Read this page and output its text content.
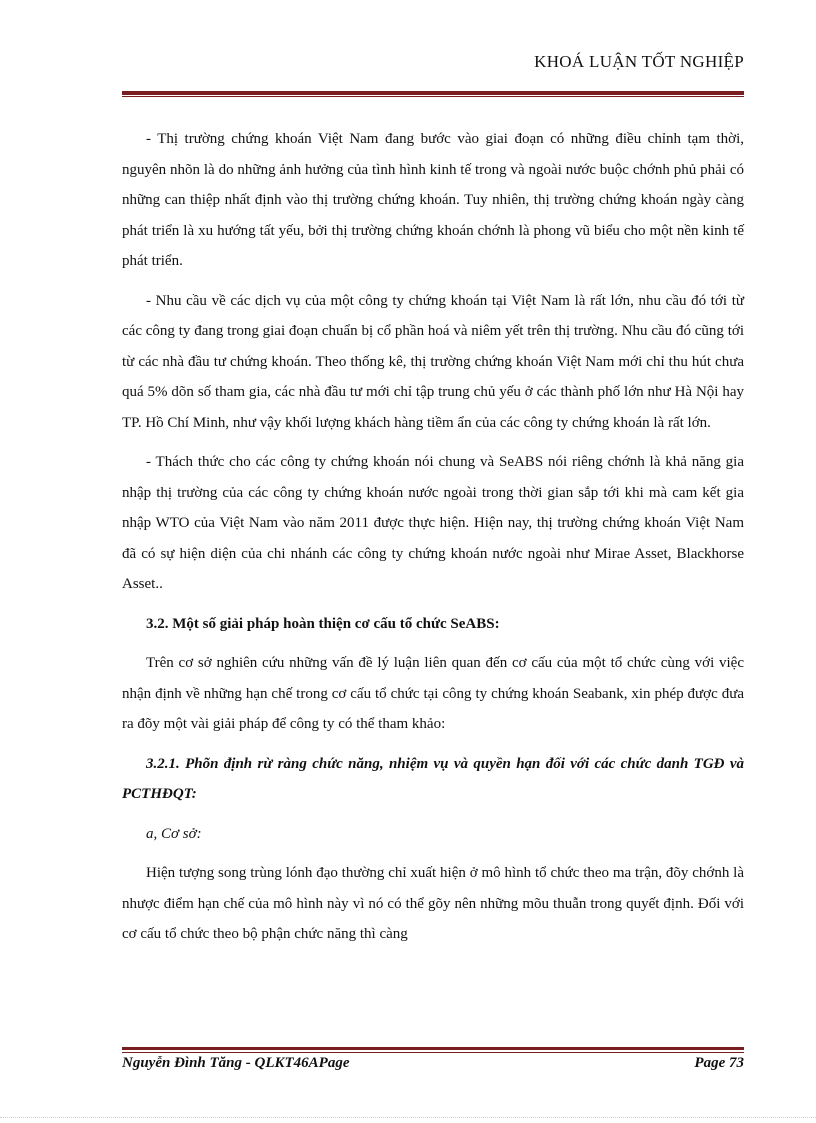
KHOÁ LUẬN TỐT NGHIỆP

- Thị trường chứng khoán Việt Nam đang bước vào giai đoạn có những điều chỉnh tạm thời, nguyên nhõn là do những ảnh hưởng của tình hình kinh tế trong và ngoài nước buộc chớnh phủ phải có những can thiệp nhất định vào thị trường chứng khoán. Tuy nhiên, thị trường chứng khoán ngày càng phát triển là xu hướng tất yếu, bởi thị trường chứng khoán chớnh là phong vũ biểu cho một nền kinh tế phát triển.

- Nhu cầu về các dịch vụ của một công ty chứng khoán tại Việt Nam là rất lớn, nhu cầu đó tới từ các công ty đang trong giai đoạn chuẩn bị cổ phần hoá và niêm yết trên thị trường. Nhu cầu đó cũng tới từ các nhà đầu tư chứng khoán. Theo thống kê, thị trường chứng khoán Việt Nam mới chỉ thu hút chưa quá 5% dõn số tham gia, các nhà đầu tư mới chỉ tập trung chủ yếu ở các thành phố lớn như Hà Nội hay TP. Hồ Chí Minh, như vậy khối lượng khách hàng tiềm ẩn của các công ty chứng khoán là rất lớn.

- Thách thức cho các công ty chứng khoán nói chung và SeABS nói riêng chớnh là khả năng gia nhập thị trường của các công ty chứng khoán nước ngoài trong thời gian sắp tới khi mà cam kết gia nhập WTO của Việt Nam vào năm 2011 được thực hiện. Hiện nay, thị trường chứng khoán Việt Nam đã có sự hiện diện của chi nhánh các công ty chứng khoán nước ngoài như Mirae Asset, Blackhorse Asset..

3.2. Một số giải pháp hoàn thiện cơ cấu tổ chức SeABS:

Trên cơ sở nghiên cứu những vấn đề lý luận liên quan đến cơ cấu của một tổ chức cùng với việc nhận định về những hạn chế trong cơ cấu tổ chức tại công ty chứng khoán Seabank, xin phép được đưa ra đõy một vài giải pháp để công ty có thể tham khảo:

3.2.1. Phõn định rừ ràng chức năng, nhiệm vụ và quyền hạn đối với các chức danh TGĐ và PCTHĐQT:

a, Cơ sở:

Hiện tượng song trùng lónh đạo thường chỉ xuất hiện ở mô hình tổ chức theo ma trận, đõy chớnh là nhược điểm hạn chế của mô hình này vì nó có thể gõy nên những mõu thuẫn trong quyết định. Đối với cơ cấu tổ chức theo bộ phận chức năng thì càng

Nguyễn Đình Tăng - QLKT46APage	Page 73
